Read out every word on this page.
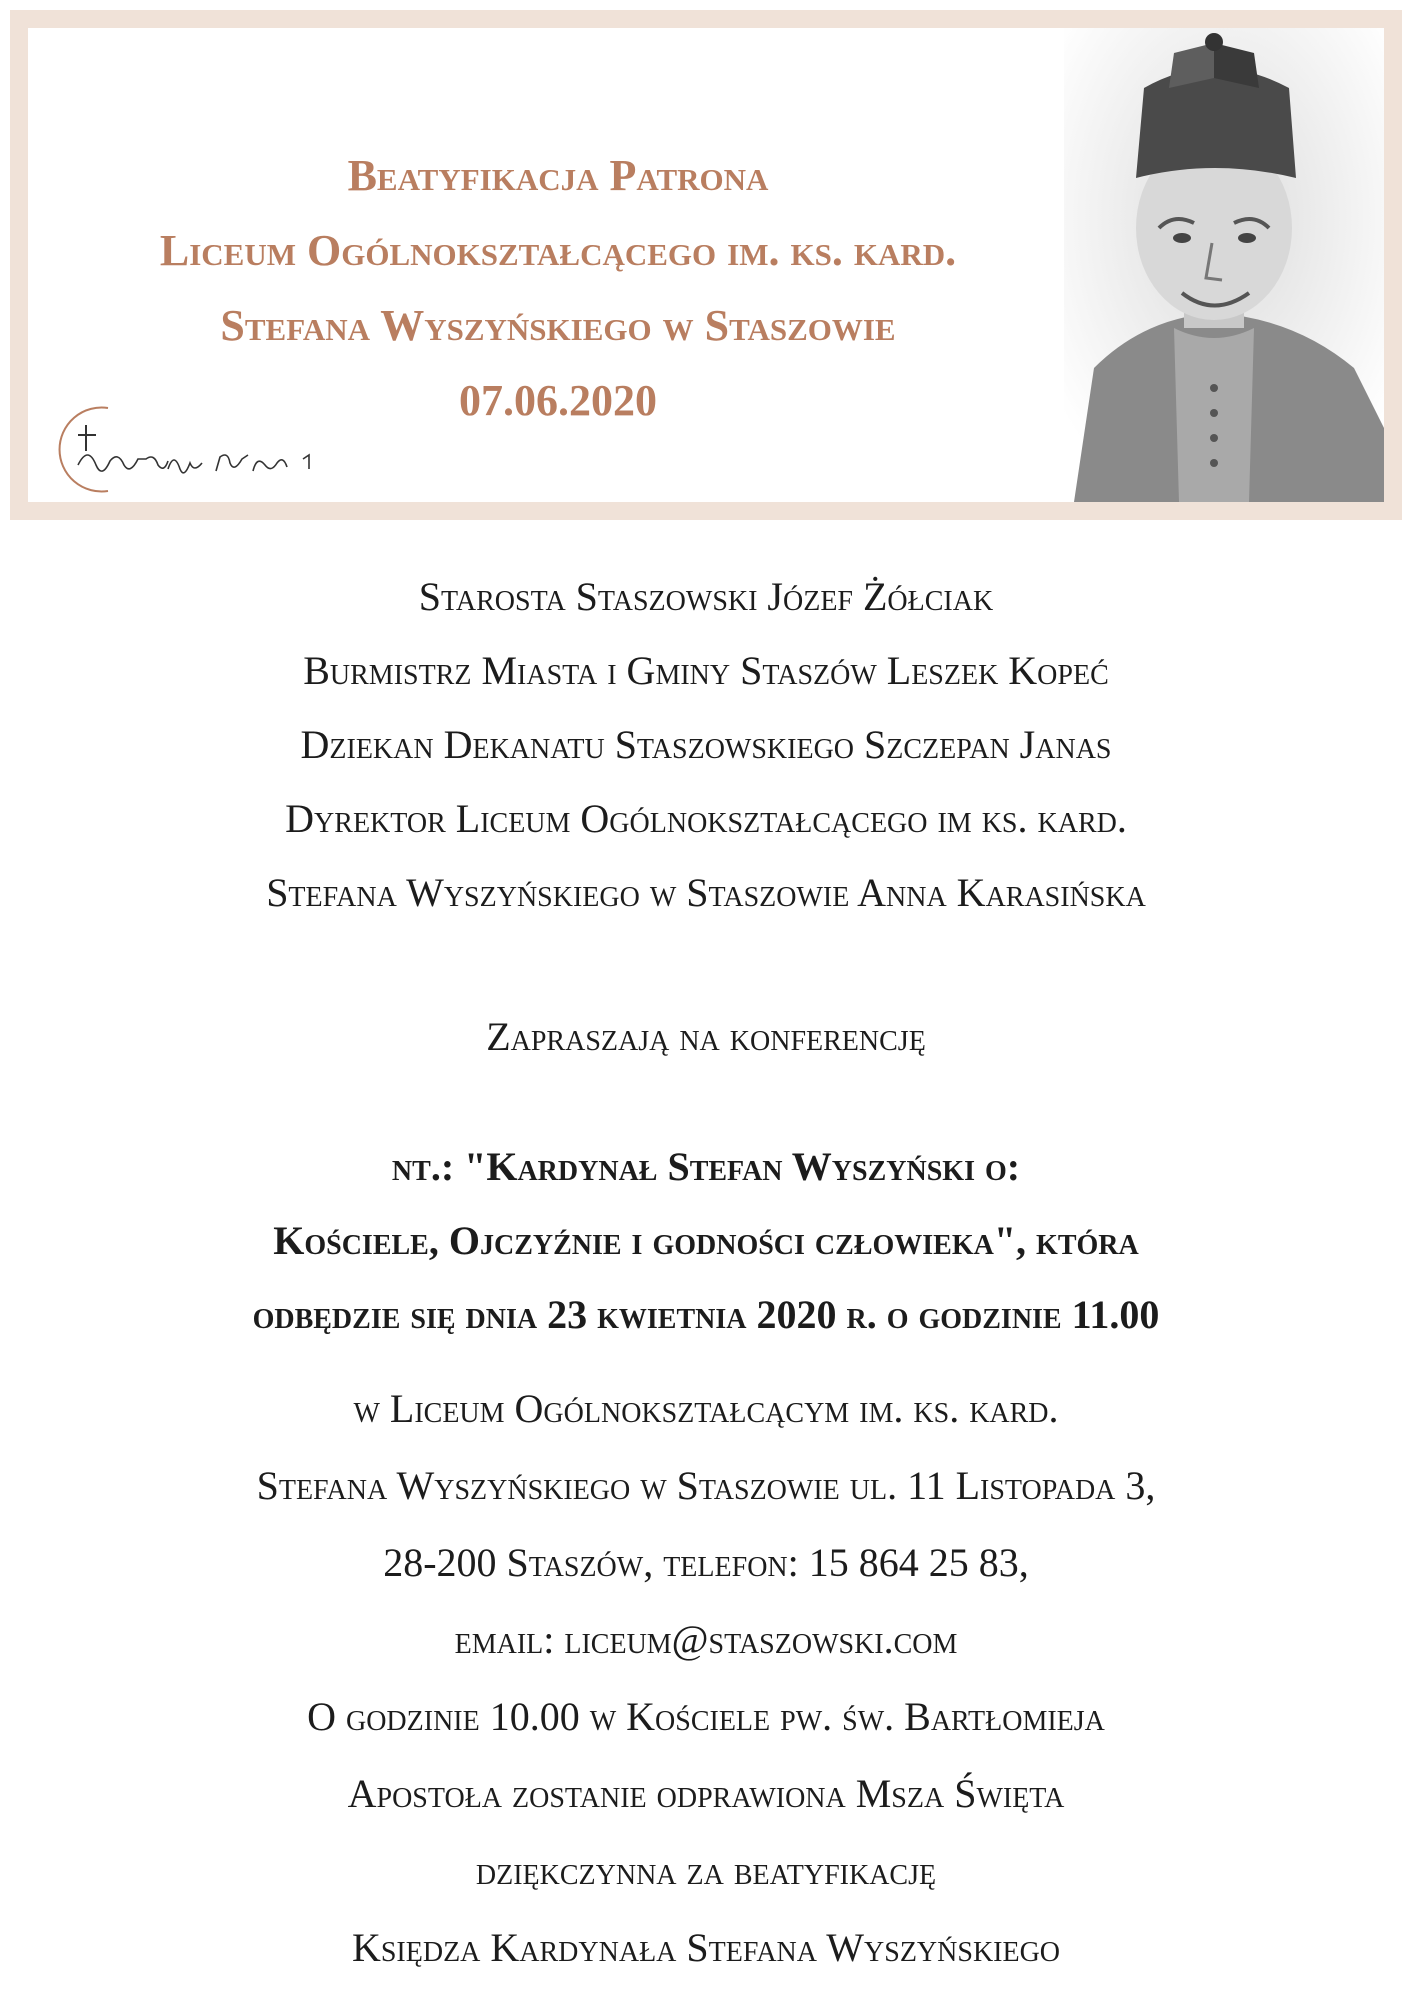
Beatyfikacja Patrona
Liceum Ogólnokształcącego im. ks. kard.
Stefana Wyszyńskiego w Staszowie
07.06.2020
Starosta Staszowski Józef Żółciak
Burmistrz Miasta i Gminy Staszów Leszek Kopeć
Dziekan Dekanatu Staszowskiego Szczepan Janas
Dyrektor Liceum Ogólnokształcącego im ks. kard.
Stefana Wyszyńskiego w Staszowie Anna Karasińska
Zapraszają na konferencję
nt.: "Kardynał Stefan Wyszyński o:
Kościele, Ojczyźnie i godności człowieka", która
odbędzie się dnia 23 kwietnia 2020 r. o godzinie 11.00
w Liceum Ogólnokształcącym im. ks. kard.
Stefana Wyszyńskiego w Staszowie ul. 11 Listopada 3,
28-200 Staszów, telefon: 15 864 25 83,
email: liceum@staszowski.com
O godzinie 10.00 w Kościele pw. św. Bartłomieja
Apostoła zostanie odprawiona Msza Święta
dziękczynna za beatyfikację
Księdza Kardynała Stefana Wyszyńskiego
